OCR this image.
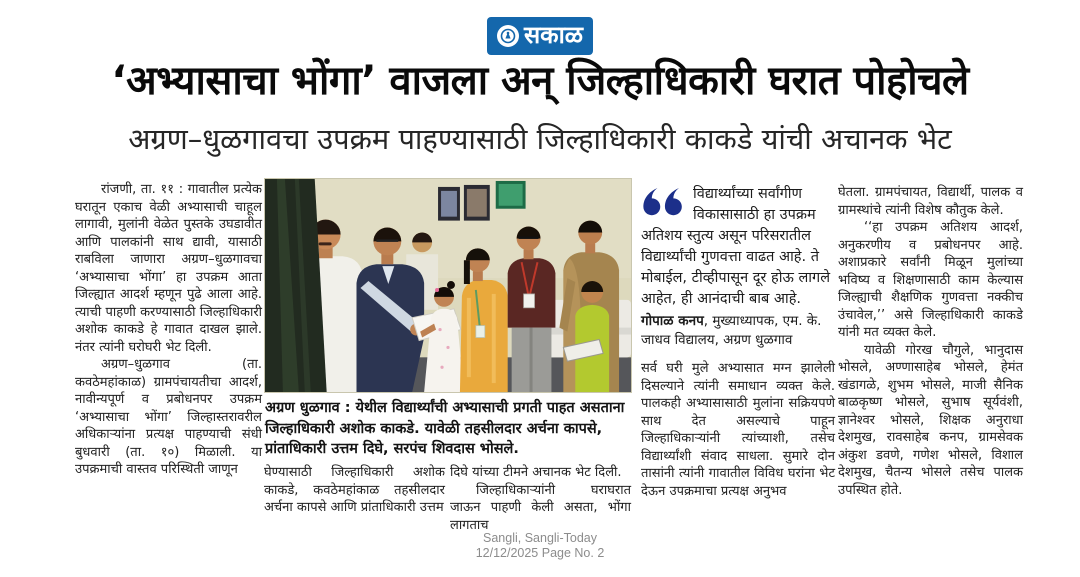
सकाळ
‘अभ्यासाचा भोंगा’ वाजला अन् जिल्हाधिकारी घरात पोहोचले
अग्रण–धुळगावचा उपक्रम पाहण्यासाठी जिल्हाधिकारी काकडे यांची अचानक भेट

रांजणी, ता. ११ : गावातील प्रत्येक घरातून एकाच वेळी अभ्यासाची चाहूल लागावी, मुलांनी वेळेत पुस्तके उघडावीत आणि पालकांनी साथ द्यावी, यासाठी राबविला जाणारा अग्रण–धुळगावचा ‘अभ्यासाचा भोंगा’ हा उपक्रम आता जिल्ह्यात आदर्श म्हणून पुढे आला आहे. त्याची पाहणी करण्यासाठी जिल्हाधिकारी अशोक काकडे हे गावात दाखल झाले. नंतर त्यांनी घरोघरी भेट दिली.

अग्रण–धुळगाव (ता. कवठेमहांकाळ) ग्रामपंचायतीचा आदर्श, नावीन्यपूर्ण व प्रबोधनपर उपक्रम ‘अभ्यासाचा भोंगा’ जिल्हास्तरावरील अधिकाऱ्यांना प्रत्यक्ष पाहण्याची संधी बुधवारी (ता. १०) मिळाली. या उपक्रमाची वास्तव परिस्थिती जाणून

अग्रण धुळगाव : येथील विद्यार्थ्यांची अभ्यासाची प्रगती पाहत असताना जिल्हाधिकारी अशोक काकडे. यावेळी तहसीलदार अर्चना कापसे, प्रांताधिकारी उत्तम दिघे, सरपंच शिवदास भोसले.

घेण्यासाठी जिल्हाधिकारी अशोक काकडे, कवठेमहांकाळ तहसीलदार अर्चना कापसे आणि प्रांताधिकारी उत्तम

दिघे यांच्या टीमने अचानक भेट दिली.

जिल्हाधिकाऱ्यांनी घराघरात जाऊन पाहणी केली असता, भोंगा लागताच

विद्यार्थ्यांच्या सर्वांगीण विकासासाठी हा उपक्रम अतिशय स्तुत्य असून परिसरातील विद्यार्थ्यांची गुणवत्ता वाढत आहे. ते मोबाईल, टीव्हीपासून दूर होऊ लागले आहेत, ही आनंदाची बाब आहे.

गोपाळ कनप, मुख्याध्यापक, एम. के. जाधव विद्यालय, अग्रण धुळगाव

सर्व घरी मुले अभ्यासात मग्न झालेली दिसल्याने त्यांनी समाधान व्यक्त केले. पालकही अभ्यासासाठी मुलांना सक्रियपणे साथ देत असल्याचे पाहून जिल्हाधिकाऱ्यांनी त्यांच्याशी, तसेच विद्यार्थ्यांशी संवाद साधला. सुमारे दोन तासांनी त्यांनी गावातील विविध घरांना भेट देऊन उपक्रमाचा प्रत्यक्ष अनुभव

घेतला. ग्रामपंचायत, विद्यार्थी, पालक व ग्रामस्थांचे त्यांनी विशेष कौतुक केले.

‘‘हा उपक्रम अतिशय आदर्श, अनुकरणीय व प्रबोधनपर आहे. अशाप्रकारे सर्वांनी मिळून मुलांच्या भविष्य व शिक्षणासाठी काम केल्यास जिल्ह्याची शैक्षणिक गुणवत्ता नक्कीच उंचावेल,’’ असे जिल्हाधिकारी काकडे यांनी मत व्यक्त केले.

यावेळी गोरख चौगुले, भानुदास भोसले, अण्णासाहेब भोसले, हेमंत खंडागळे, शुभम भोसले, माजी सैनिक बाळकृष्ण भोसले, सुभाष सूर्यवंशी, ज्ञानेश्वर भोसले, शिक्षक अनुराधा देशमुख, रावसाहेब कनप, ग्रामसेवक अंकुश डवणे, गणेश भोसले, विशाल देशमुख, चैतन्य भोसले तसेच पालक उपस्थित होते.

Sangli, Sangli-Today
12/12/2025 Page No. 2
